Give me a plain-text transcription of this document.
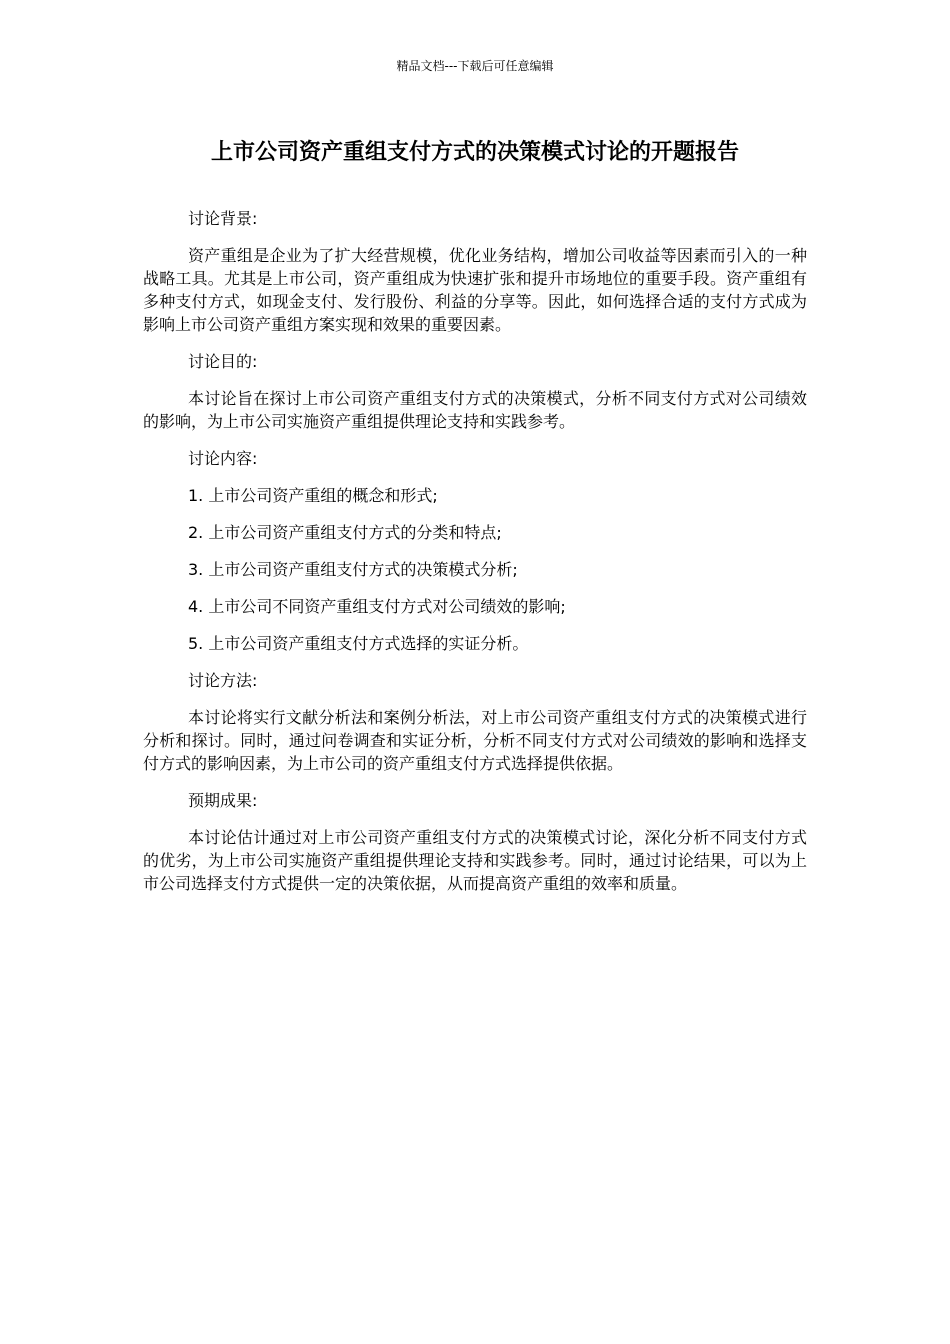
精品文档---下载后可任意编辑
上市公司资产重组支付方式的决策模式讨论的开题报告

讨论背景:

资产重组是企业为了扩大经营规模，优化业务结构，增加公司收益等因素而引入的一种战略工具。尤其是上市公司，资产重组成为快速扩张和提升市场地位的重要手段。资产重组有多种支付方式，如现金支付、发行股份、利益的分享等。因此，如何选择合适的支付方式成为影响上市公司资产重组方案实现和效果的重要因素。

讨论目的:

本讨论旨在探讨上市公司资产重组支付方式的决策模式，分析不同支付方式对公司绩效的影响，为上市公司实施资产重组提供理论支持和实践参考。

讨论内容:

1. 上市公司资产重组的概念和形式;

2. 上市公司资产重组支付方式的分类和特点;

3. 上市公司资产重组支付方式的决策模式分析;

4. 上市公司不同资产重组支付方式对公司绩效的影响;

5. 上市公司资产重组支付方式选择的实证分析。

讨论方法:

本讨论将实行文献分析法和案例分析法，对上市公司资产重组支付方式的决策模式进行分析和探讨。同时，通过问卷调查和实证分析，分析不同支付方式对公司绩效的影响和选择支付方式的影响因素，为上市公司的资产重组支付方式选择提供依据。

预期成果:

本讨论估计通过对上市公司资产重组支付方式的决策模式讨论，深化分析不同支付方式的优劣，为上市公司实施资产重组提供理论支持和实践参考。同时，通过讨论结果，可以为上市公司选择支付方式提供一定的决策依据，从而提高资产重组的效率和质量。
